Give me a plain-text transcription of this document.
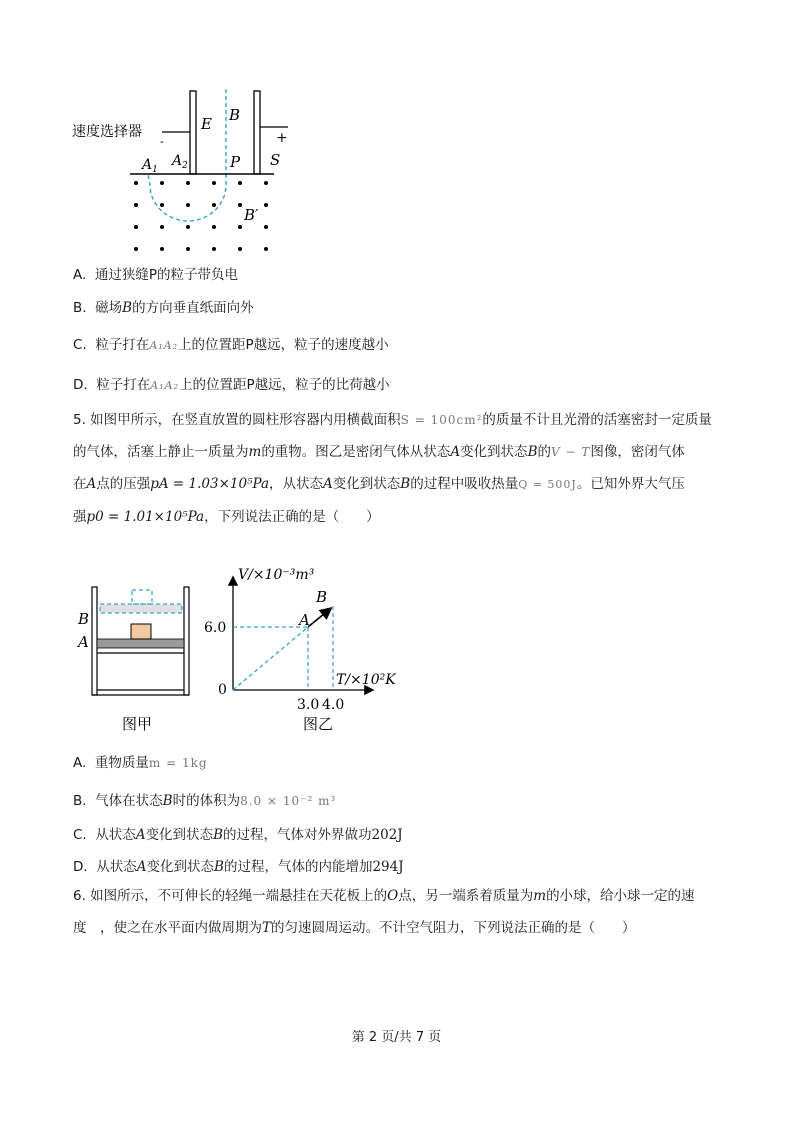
速度选择器
-	+
E B
$A_1$
$A_2$	P S
B′
A. 通过狭缝P的粒子带负电
B. 磁场B的方向垂直纸面向外
C. 粒子打在A₁A₂上的位置距P越远，粒子的速度越小
D. 粒子打在A₁A₂上的位置距P越远，粒子的比荷越小
5. 如图甲所示，在竖直放置的圆柱形容器内用横截面积S = 100cm²的质量不计且光滑的活塞密封一定质量
的气体，活塞上静止一质量为m的重物。图乙是密闭气体从状态A变化到状态B的V − T图像，密闭气体
在A点的压强pA = 1.03×10⁵Pa，从状态A变化到状态B的过程中吸收热量Q = 500J。已知外界大气压
强p0 = 1.01×10⁵Pa，下列说法正确的是（　　）
B
A
图甲
V/×10⁻³m³
T/×10²K
0
6.0
3.0 4.0
A
B
图乙
A. 重物质量m = 1kg
B. 气体在状态B时的体积为8.0 × 10⁻² m³
C. 从状态A变化到状态B的过程，气体对外界做功202J
D. 从状态A变化到状态B的过程，气体的内能增加294J
6. 如图所示，不可伸长的轻绳一端悬挂在天花板上的O点，另一端系着质量为m的小球，给小球一定的速
度　，使之在水平面内做周期为T的匀速圆周运动。不计空气阻力，下列说法正确的是（　　）
第 2 页/共 7 页
